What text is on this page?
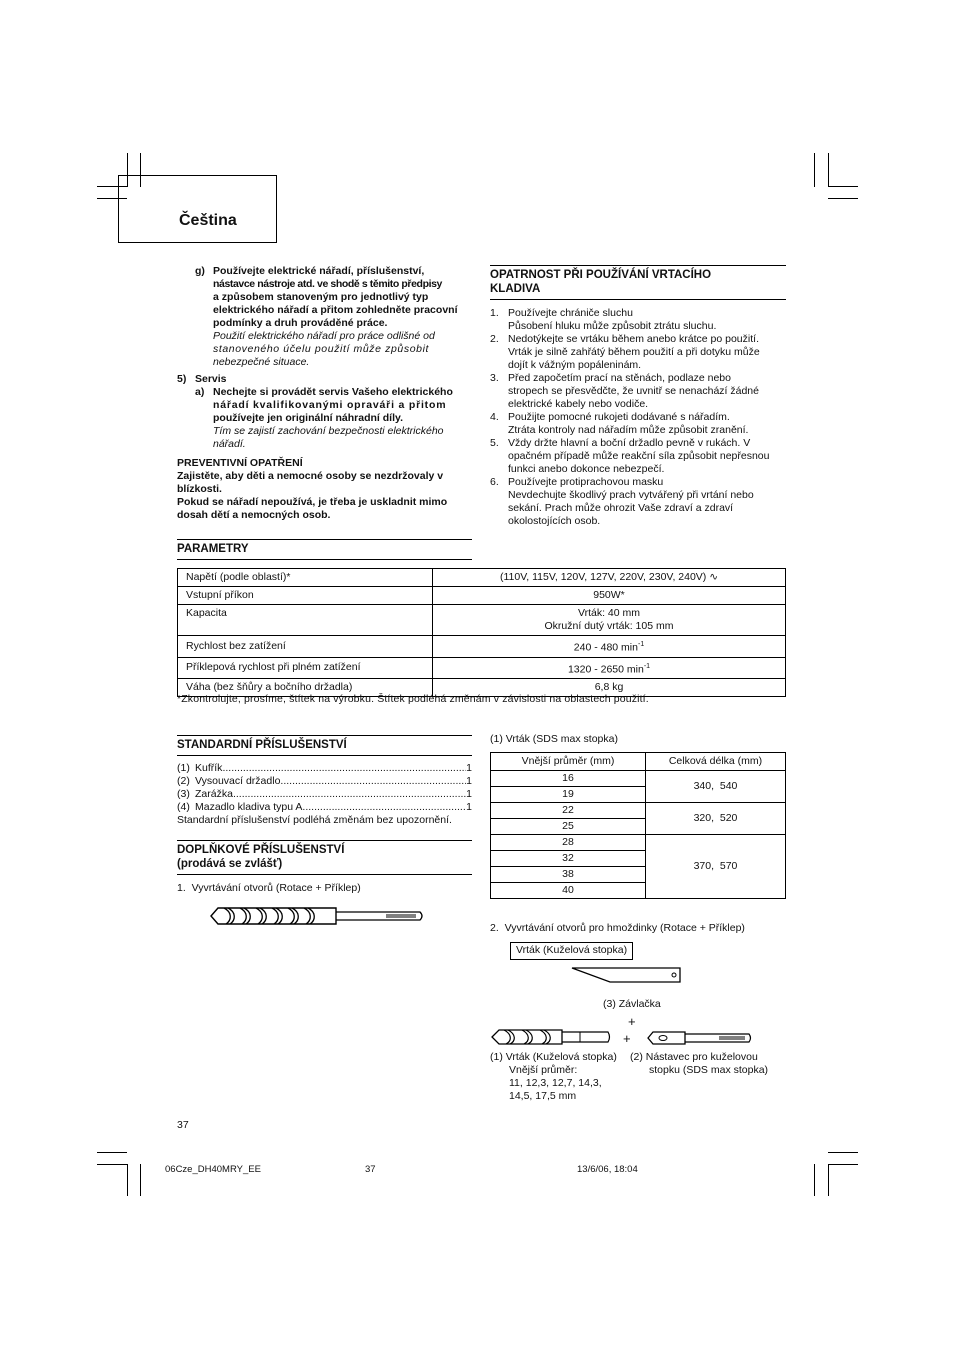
Čeština
g) Používejte elektrické nářadí, příslušenství,
nástavce nástroje atd. ve shodě s těmito předpisy
a způsobem stanoveným pro jednotlivý typ
elektrického nářadí a přitom zohledněte pracovní
podmínky a druh prováděné práce.
Použití elektrického nářadí pro práce odlišné od
stanoveného účelu použití může způsobit
nebezpečné situace.
5) Servis
a) Nechejte si provádět servis Vašeho elektrického
nářadí kvalifikovanými opraváři a přitom
používejte jen originální náhradní díly.
Tím se zajistí zachování bezpečnosti elektrického
nářadí.
PREVENTIVNÍ OPATŘENÍ
Zajistěte, aby děti a nemocné osoby se nezdržovaly v
blízkosti.
Pokud se nářadí nepoužívá, je třeba je uskladnit mimo
dosah dětí a nemocných osob.
OPATRNOST PŘI POUŽÍVÁNÍ VRTACÍHO
KLADIVA
1. Používejte chrániče sluchu
Působení hluku může způsobit ztrátu sluchu.
2. Nedotýkejte se vrtáku během anebo krátce po použití.
Vrták je silně zahřátý během použití a při dotyku může
dojít k vážným popáleninám.
3. Před započetím prací na stěnách, podlaze nebo
stropech se přesvědčte, že uvnitř se nenachází žádné
elektrické kabely nebo vodiče.
4. Použijte pomocné rukojeti dodávané s nářadím.
Ztráta kontroly nad nářadím může způsobit zranění.
5. Vždy držte hlavní a boční držadlo pevně v rukách. V
opačném případě může reakční síla způsobit nepřesnou
funkci anebo dokonce nebezpečí.
6. Používejte protiprachovou masku
Nevdechujte škodlivý prach vytvářený při vrtání nebo
sekání. Prach může ohrozit Vaše zdraví a zdraví
okolostojících osob.
PARAMETRY
Napětí (podle oblastí)*	(110V, 115V, 120V, 127V, 220V, 230V, 240V) ∿
Vstupní příkon	950W*
Kapacita	Vrták: 40 mm
Okružní dutý vrták: 105 mm

Rychlost bez zatížení	240 - 480 $\min^{-1}$
Příklepová rychlost při plném zatížení	1320 - 2650 $\min^{-1}$
Váha (bez šňůry a bočního držadla)	6,8 kg
*Zkontrolujte, prosíme, štítek na výrobku. Štítek podléhá změnám v závislosti na oblastech použití.
STANDARDNÍ PŘÍSLUŠENSTVÍ
(1) Kufřík .....	1
(2) Vysouvací držadlo .....	1
(3) Zarážka .....	1
(4) Mazadlo kladiva typu A .....	1
Standardní příslušenství podléhá změnám bez upozornění.
DOPLŇKOVÉ PŘÍSLUŠENSTVÍ
(prodává se zvlášť)
1.  Vyvrtávání otvorů (Rotace + Příklep)
(1) Vrták (SDS max stopka)
Vnější průměr (mm)	Celková délka (mm)
16	340,  540
19	
22	320,  520
25	
28	370,  570
32	
38	
40	
2.  Vyvrtávání otvorů pro hmoždinky (Rotace + Příklep)
Vrták (Kuželová stopka)
(3) Závlačka
+
+
(1) Vrták (Kuželová stopka)
Vnější průměr:
11, 12,3, 12,7, 14,3,
14,5, 17,5 mm
(2) Nástavec pro kuželovou
stopku (SDS max stopka)
37
06Cze_DH40MRY_EE	37	13/6/06, 18:04
